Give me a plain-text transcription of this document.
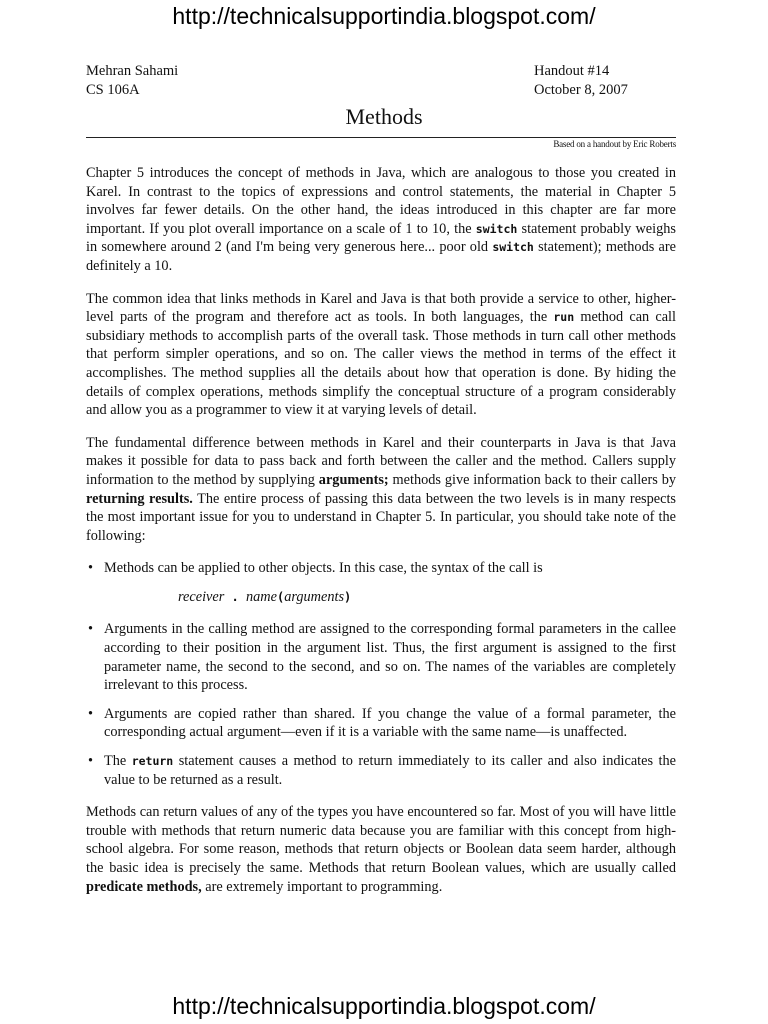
http://technicalsupportindia.blogspot.com/
Mehran Sahami
CS 106A
Handout #14
October 8, 2007
Methods
Based on a handout by Eric Roberts

Chapter 5 introduces the concept of methods in Java, which are analogous to those you created in Karel. In contrast to the topics of expressions and control statements, the material in Chapter 5 involves far fewer details. On the other hand, the ideas introduced in this chapter are far more important. If you plot overall importance on a scale of 1 to 10, the switch statement probably weighs in somewhere around 2 (and I'm being very generous here... poor old switch statement); methods are definitely a 10.

The common idea that links methods in Karel and Java is that both provide a service to other, higher-level parts of the program and therefore act as tools. In both languages, the run method can call subsidiary methods to accomplish parts of the overall task. Those methods in turn call other methods that perform simpler operations, and so on. The caller views the method in terms of the effect it accomplishes. The method supplies all the details about how that operation is done. By hiding the details of complex operations, methods simplify the conceptual structure of a program considerably and allow you as a programmer to view it at varying levels of detail.

The fundamental difference between methods in Karel and their counterparts in Java is that Java makes it possible for data to pass back and forth between the caller and the method. Callers supply information to the method by supplying arguments; methods give information back to their callers by returning results. The entire process of passing this data between the two levels is in many respects the most important issue for you to understand in Chapter 5. In particular, you should take note of the following:

• Methods can be applied to other objects. In this case, the syntax of the call is
receiver . name(arguments)
• Arguments in the calling method are assigned to the corresponding formal parameters in the callee according to their position in the argument list. Thus, the first argument is assigned to the first parameter name, the second to the second, and so on. The names of the variables are completely irrelevant to this process.
• Arguments are copied rather than shared. If you change the value of a formal parameter, the corresponding actual argument—even if it is a variable with the same name—is unaffected.
• The return statement causes a method to return immediately to its caller and also indicates the value to be returned as a result.

Methods can return values of any of the types you have encountered so far. Most of you will have little trouble with methods that return numeric data because you are familiar with this concept from high-school algebra. For some reason, methods that return objects or Boolean data seem harder, although the basic idea is precisely the same. Methods that return Boolean values, which are usually called predicate methods, are extremely important to programming.

http://technicalsupportindia.blogspot.com/
